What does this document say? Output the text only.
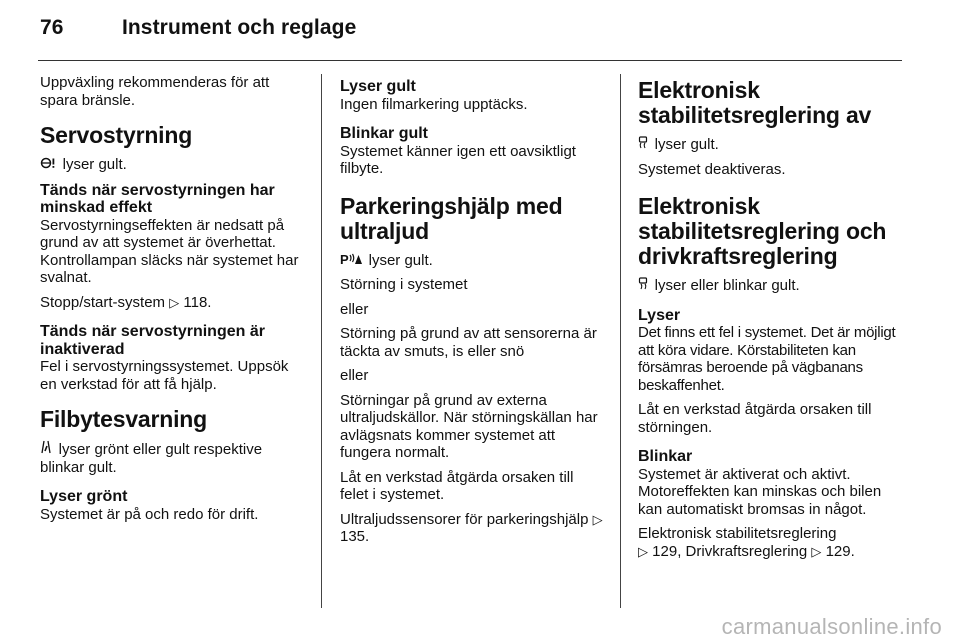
76	Instrument och reglage

Uppväxling rekommenderas för att spara bränsle.

Servostyrning

lyser gult.

Tänds när servostyrningen har minskad effekt

Servostyrningseffekten är nedsatt på grund av att systemet är överhettat. Kontrollampan släcks när systemet har svalnat.

Stopp/start-system ▷ 118.

Tänds när servostyrningen är inaktiverad

Fel i servostyrningssystemet. Uppsök en verkstad för att få hjälp.

Filbytesvarning

lyser grönt eller gult respektive blinkar gult.

Lyser grönt

Systemet är på och redo för drift.

Lyser gult

Ingen filmarkering upptäcks.

Blinkar gult

Systemet känner igen ett oavsiktligt filbyte.

Parkeringshjälp med ultraljud

P lyser gult.

Störning i systemet

eller

Störning på grund av att sensorerna är täckta av smuts, is eller snö

eller

Störningar på grund av externa ultraljudskällor. När störningskällan har avlägsnats kommer systemet att fungera normalt.

Låt en verkstad åtgärda orsaken till felet i systemet.

Ultraljudssensorer för parkeringshjälp ▷ 135.

Elektronisk stabilitetsreglering av

lyser gult.

Systemet deaktiveras.

Elektronisk stabilitetsreglering och drivkraftsreglering

lyser eller blinkar gult.

Lyser

Det finns ett fel i systemet. Det är möjligt att köra vidare. Körstabiliteten kan försämras beroende på vägbanans beskaffenhet.

Låt en verkstad åtgärda orsaken till störningen.

Blinkar

Systemet är aktiverat och aktivt. Motoreffekten kan minskas och bilen kan automatiskt bromsas in något.

Elektronisk stabilitetsreglering
▷ 129, Drivkraftsreglering ▷ 129.

carmanualsonline.info
